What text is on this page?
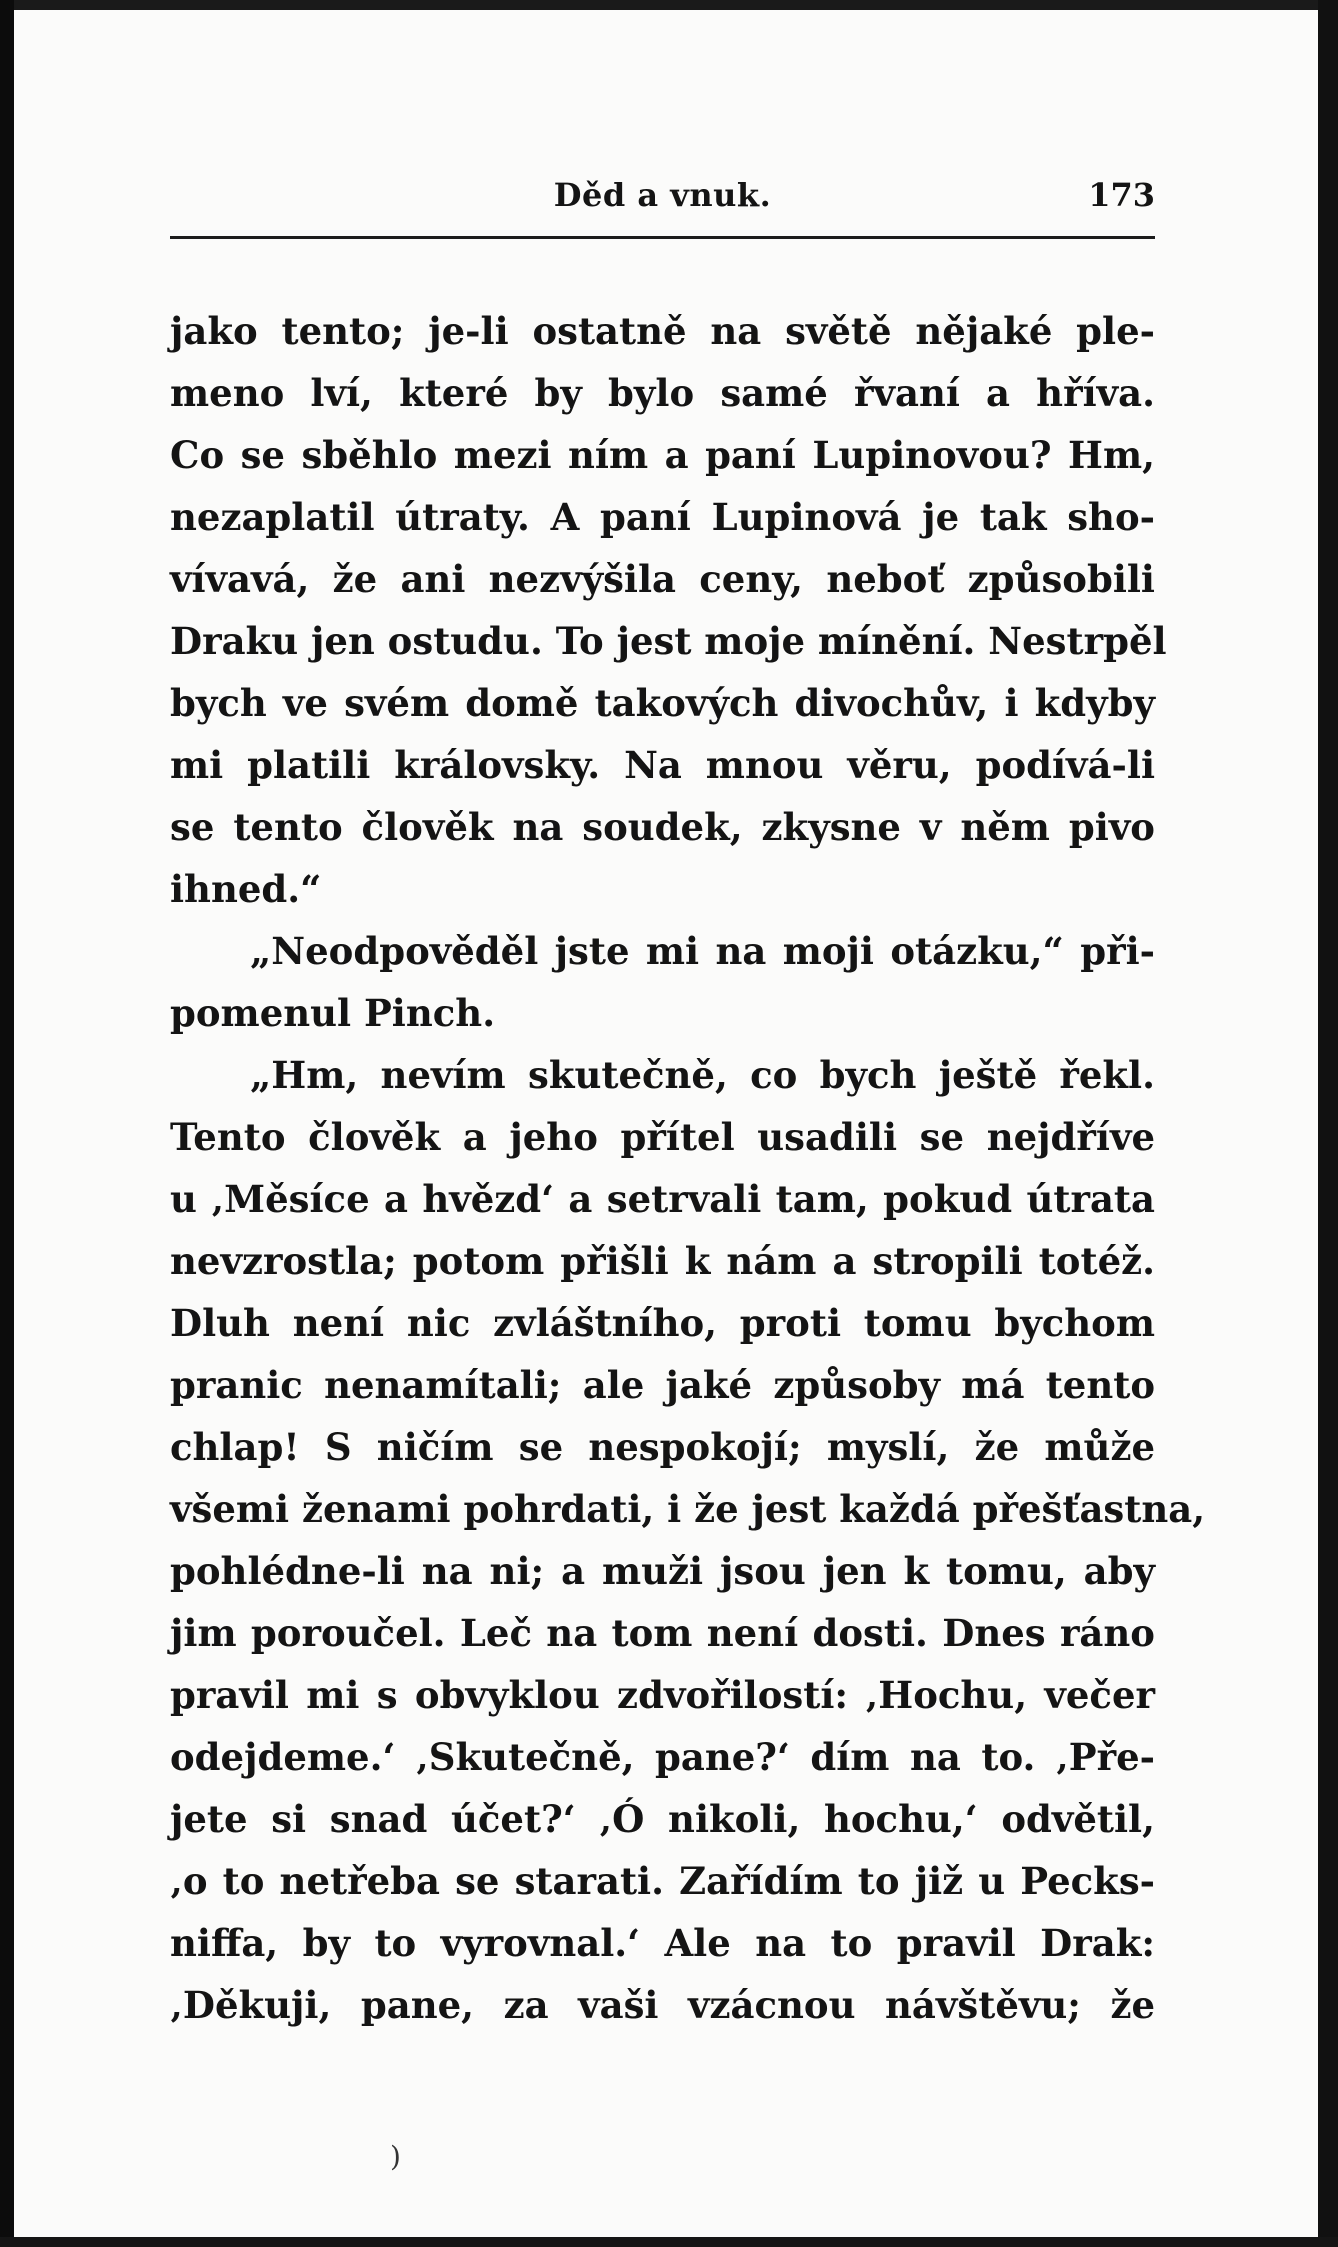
Děd a vnuk.	173
jako tento; je-li ostatně na světě nějaké ple-
meno lví, které by bylo samé řvaní a hříva.
Co se sběhlo mezi ním a paní Lupinovou? Hm,
nezaplatil útraty. A paní Lupinová je tak sho-
vívavá, že ani nezvýšila ceny, neboť způsobili
Draku jen ostudu. To jest moje mínění. Nestrpěl
bych ve svém domě takových divochův, i kdyby
mi platili královsky. Na mnou věru, podívá-li
se tento člověk na soudek, zkysne v něm pivo
ihned.“
„Neodpověděl jste mi na moji otázku,“ při-
pomenul Pinch.
„Hm, nevím skutečně, co bych ještě řekl.
Tento člověk a jeho přítel usadili se nejdříve
u ‚Měsíce a hvězd‘ a setrvali tam, pokud útrata
nevzrostla; potom přišli k nám a stropili totéž.
Dluh není nic zvláštního, proti tomu bychom
pranic nenamítali; ale jaké způsoby má tento
chlap! S ničím se nespokojí; myslí, že může
všemi ženami pohrdati, i že jest každá přešťastna,
pohlédne-li na ni; a muži jsou jen k tomu, aby
jim poroučel. Leč na tom není dosti. Dnes ráno
pravil mi s obvyklou zdvořilostí: ‚Hochu, večer
odejdeme.‘ ‚Skutečně, pane?‘ dím na to. ‚Pře-
jete si snad účet?‘ ‚Ó nikoli, hochu,‘ odvětil,
‚o to netřeba se starati. Zařídím to již u Pecks-
niffa, by to vyrovnal.‘ Ale na to pravil Drak:
‚Děkuji, pane, za vaši vzácnou návštěvu; že
)
